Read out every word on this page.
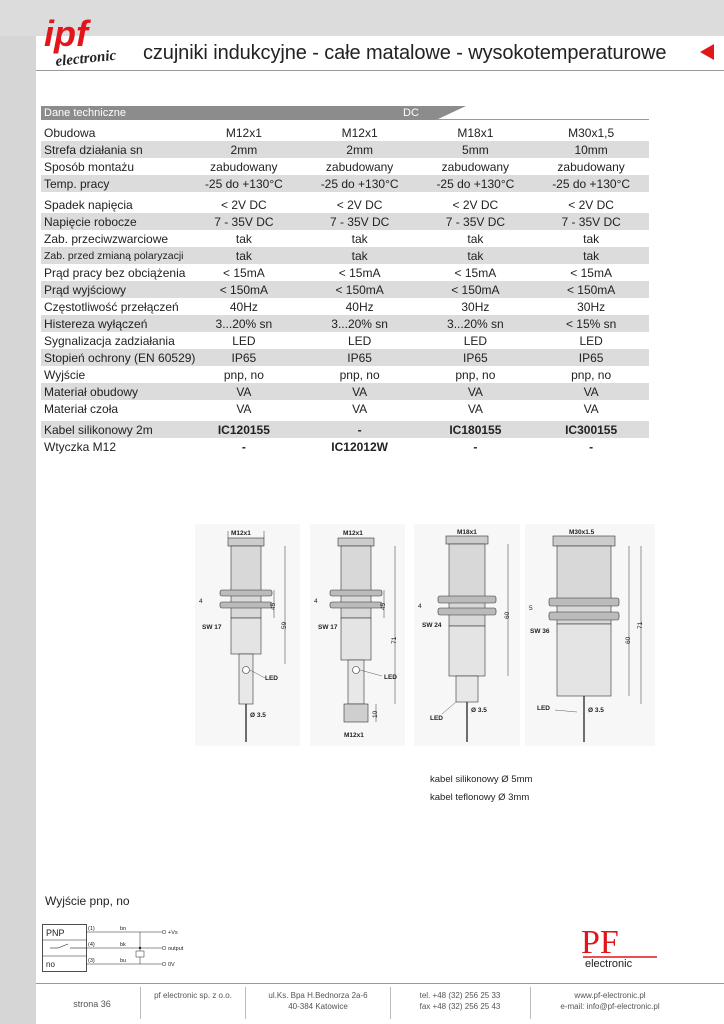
ipf
electronic czujniki indukcyjne - całe matalowe - wysokotemperaturowe
Dane techniczne	DC
Obudowa	M12x1	M12x1	M18x1	M30x1,5
Strefa działania sn	2mm	2mm	5mm	10mm
Sposób montażu	zabudowany	zabudowany	zabudowany	zabudowany
Temp. pracy	-25 do +130°C	-25 do +130°C	-25 do +130°C	-25 do +130°C
Spadek napięcia	< 2V DC	< 2V DC	< 2V DC	< 2V DC
Napięcie robocze	7 - 35V DC	7 - 35V DC	7 - 35V DC	7 - 35V DC
Zab. przeciwzwarciowe	tak	tak	tak	tak
Zab. przed zmianą polaryzacji	tak	tak	tak	tak
Prąd pracy bez obciążenia	< 15mA	< 15mA	< 15mA	< 15mA
Prąd wyjściowy	< 150mA	< 150mA	< 150mA	< 150mA
Częstotliwość przełączeń	40Hz	40Hz	30Hz	30Hz
Histereza wyłączeń	3...20% sn	3...20% sn	3...20% sn	< 15% sn
Sygnalizacja zadziałania	LED	LED	LED	LED
Stopień ochrony (EN 60529)	IP65	IP65	IP65	IP65
Wyjście	pnp, no	pnp, no	pnp, no	pnp, no
Materiał obudowy	VA	VA	VA	VA
Materiał czoła	VA	VA	VA	VA
Kabel silikonowy 2m	IC120155	-	IC180155	IC300155
Wtyczka M12	-	IC12012W	-	-
M12x1
4
SW 17
45
59
LED
Ø 3.5
M12x1
4
SW 17
45
71
LED
10
M12x1
M18x1
4
SW 24
60
LED
Ø 3.5
M30x1.5
5
SW 36
60
71
LED	Ø 3.5
kabel silikonowy Ø 5mm
kabel teflonowy Ø 3mm
Wyjście pnp, no
PNP
no
(1)
(4)
(3)
bn
bk
bu
+Vs
output
0V
PF
electronic
strona 36
pf electronic sp. z o.o.	ul.Ks. Bpa H.Bednorza 2a-6
40-384 Katowice
tel. +48 (32) 256 25 33
fax +48 (32) 256 25 43
www.pf-electronic.pl
e-mail: info@pf-electronic.pl
